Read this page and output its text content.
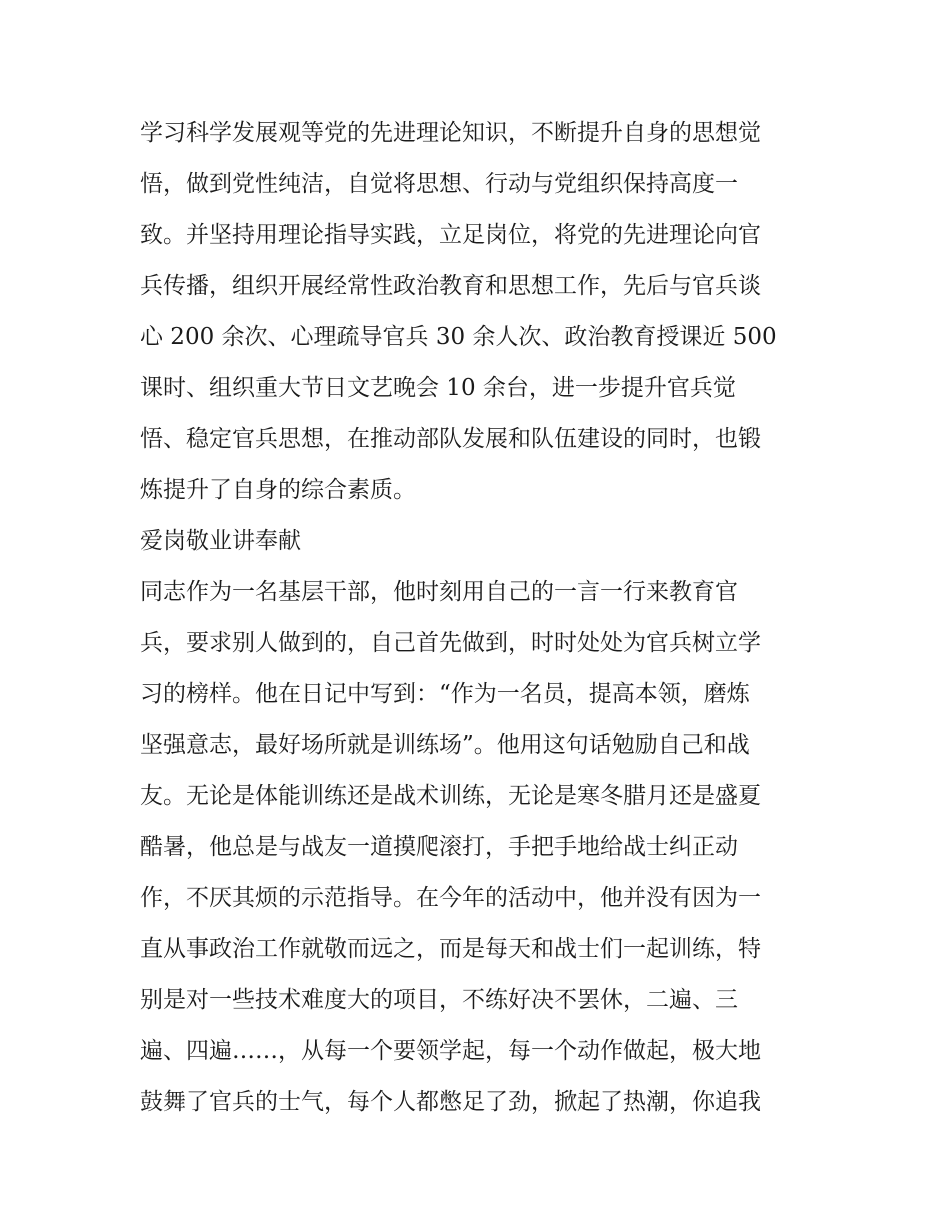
学习科学发展观等党的先进理论知识，不断提升自身的思想觉
悟，做到党性纯洁，自觉将思想、行动与党组织保持高度一
致。并坚持用理论指导实践，立足岗位，将党的先进理论向官
兵传播，组织开展经常性政治教育和思想工作，先后与官兵谈
心 200 余次、心理疏导官兵 30 余人次、政治教育授课近 500
课时、组织重大节日文艺晚会 10 余台，进一步提升官兵觉
悟、稳定官兵思想，在推动部队发展和队伍建设的同时，也锻
炼提升了自身的综合素质。
爱岗敬业讲奉献
同志作为一名基层干部，他时刻用自己的一言一行来教育官
兵，要求别人做到的，自己首先做到，时时处处为官兵树立学
习的榜样。他在日记中写到：“作为一名员，提高本领，磨炼
坚强意志，最好场所就是训练场”。他用这句话勉励自己和战
友。无论是体能训练还是战术训练，无论是寒冬腊月还是盛夏
酷暑，他总是与战友一道摸爬滚打，手把手地给战士纠正动
作，不厌其烦的示范指导。在今年的活动中，他并没有因为一
直从事政治工作就敬而远之，而是每天和战士们一起训练，特
别是对一些技术难度大的项目，不练好决不罢休，二遍、三
遍、四遍……，从每一个要领学起，每一个动作做起，极大地
鼓舞了官兵的士气，每个人都憋足了劲，掀起了热潮，你追我
